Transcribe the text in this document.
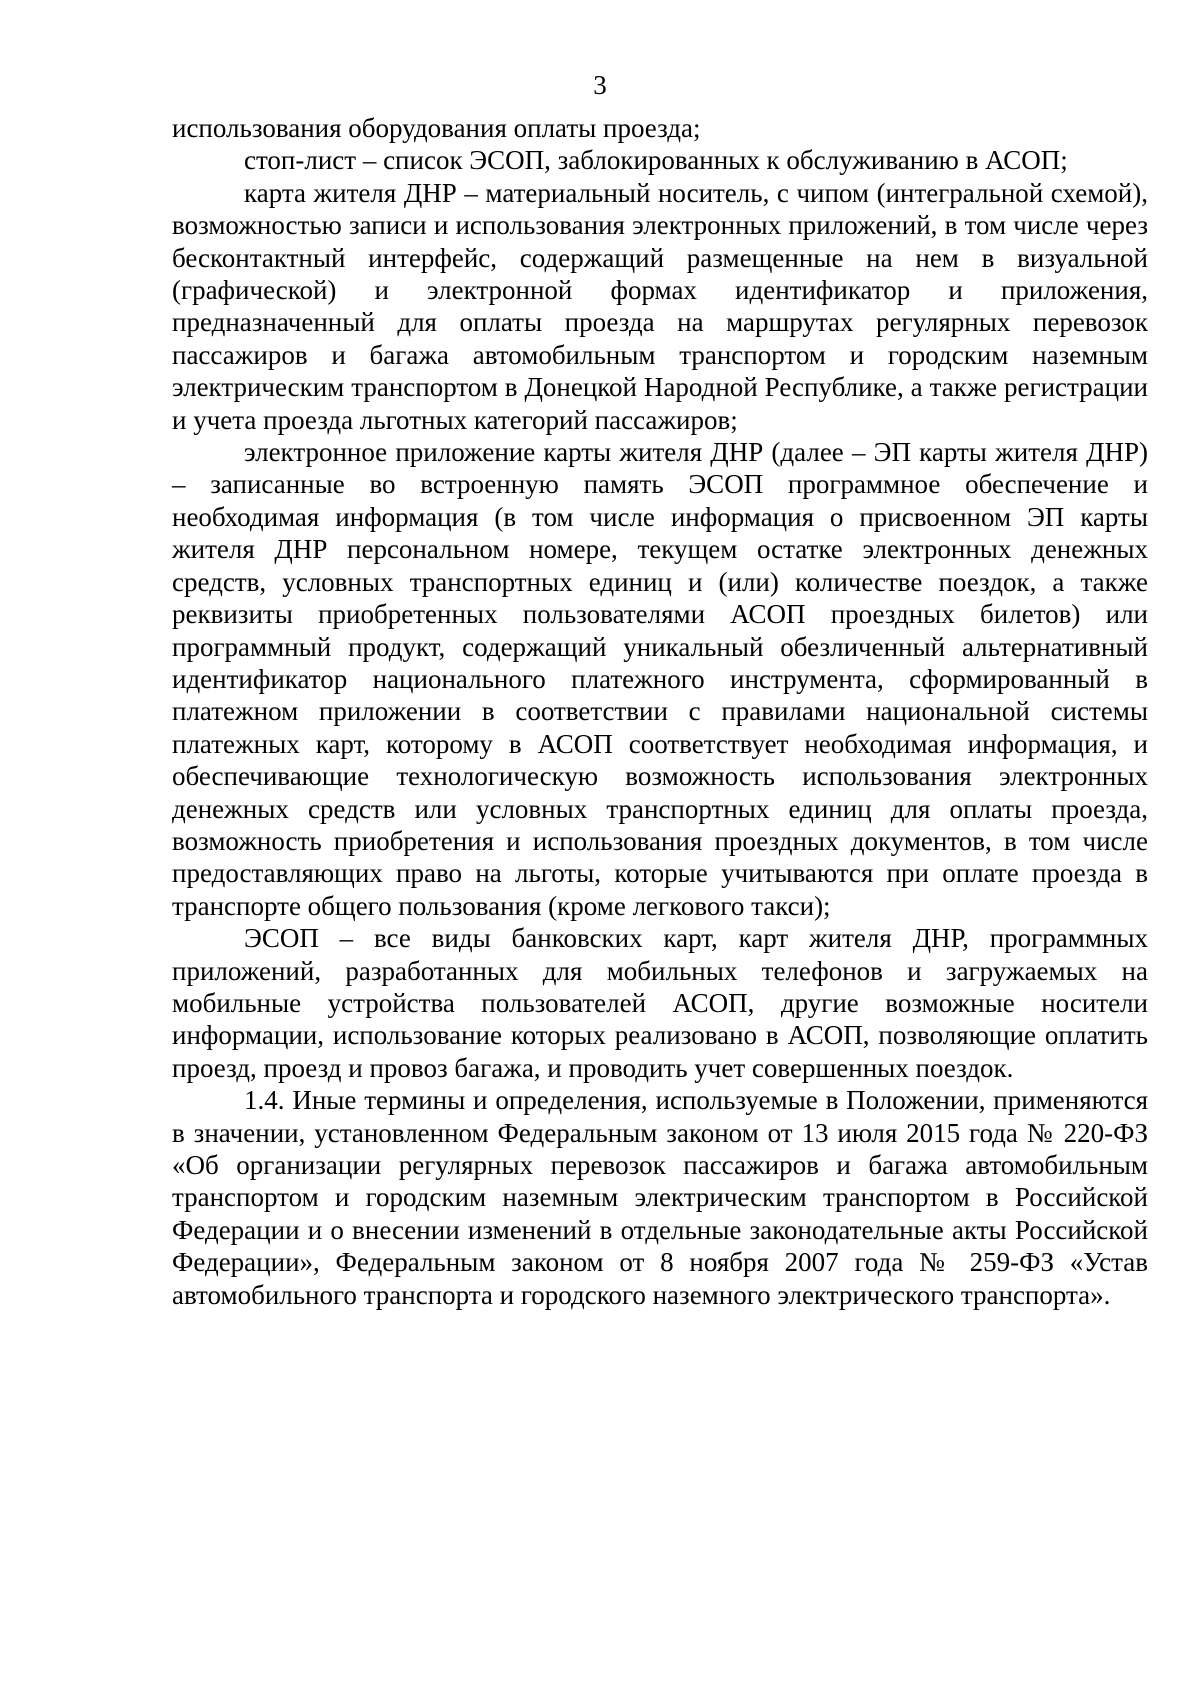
3

использования оборудования оплаты проезда;

стоп-лист – список ЭСОП, заблокированных к обслуживанию в АСОП;

карта жителя ДНР – материальный носитель, с чипом (интегральной схемой), возможностью записи и использования электронных приложений, в том числе через бесконтактный интерфейс, содержащий размещенные на нем в визуальной (графической) и электронной формах идентификатор и приложения, предназначенный для оплаты проезда на маршрутах регулярных перевозок пассажиров и багажа автомобильным транспортом и городским наземным электрическим транспортом в Донецкой Народной Республике, а также регистрации и учета проезда льготных категорий пассажиров;

электронное приложение карты жителя ДНР (далее – ЭП карты жителя ДНР) – записанные во встроенную память ЭСОП программное обеспечение и необходимая информация (в том числе информация о присвоенном ЭП карты жителя ДНР персональном номере, текущем остатке электронных денежных средств, условных транспортных единиц и (или) количестве поездок, а также реквизиты приобретенных пользователями АСОП проездных билетов) или программный продукт, содержащий уникальный обезличенный альтернативный идентификатор национального платежного инструмента, сформированный в платежном приложении в соответствии с правилами национальной системы платежных карт, которому в АСОП соответствует необходимая информация, и обеспечивающие технологическую возможность использования электронных денежных средств или условных транспортных единиц для оплаты проезда, возможность приобретения и использования проездных документов, в том числе предоставляющих право на льготы, которые учитываются при оплате проезда в транспорте общего пользования (кроме легкового такси);

ЭСОП – все виды банковских карт, карт жителя ДНР, программных приложений, разработанных для мобильных телефонов и загружаемых на мобильные устройства пользователей АСОП, другие возможные носители информации, использование которых реализовано в АСОП, позволяющие оплатить проезд, проезд и провоз багажа, и проводить учет совершенных поездок.

1.4. Иные термины и определения, используемые в Положении, применяются в значении, установленном Федеральным законом от 13 июля 2015 года № 220-ФЗ «Об организации регулярных перевозок пассажиров и багажа автомобильным транспортом и городским наземным электрическим транспортом в Российской Федерации и о внесении изменений в отдельные законодательные акты Российской Федерации», Федеральным законом от 8 ноября 2007 года № 259-ФЗ «Устав автомобильного транспорта и городского наземного электрического транспорта».
